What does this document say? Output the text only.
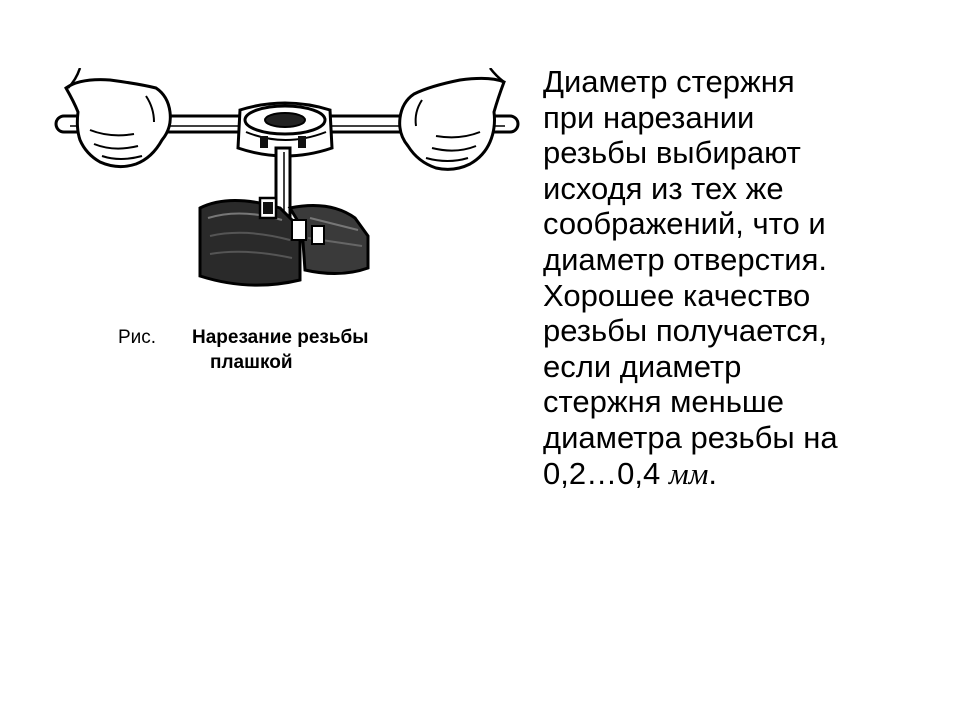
Рис. Нарезание резьбы
плашкой
Диаметр стержня
при нарезании
резьбы выбирают
исходя из тех же
соображений, что и
диаметр отверстия.
Хорошее качество
резьбы получается,
если диаметр
стержня меньше
диаметра резьбы на
0,2…0,4 мм.
